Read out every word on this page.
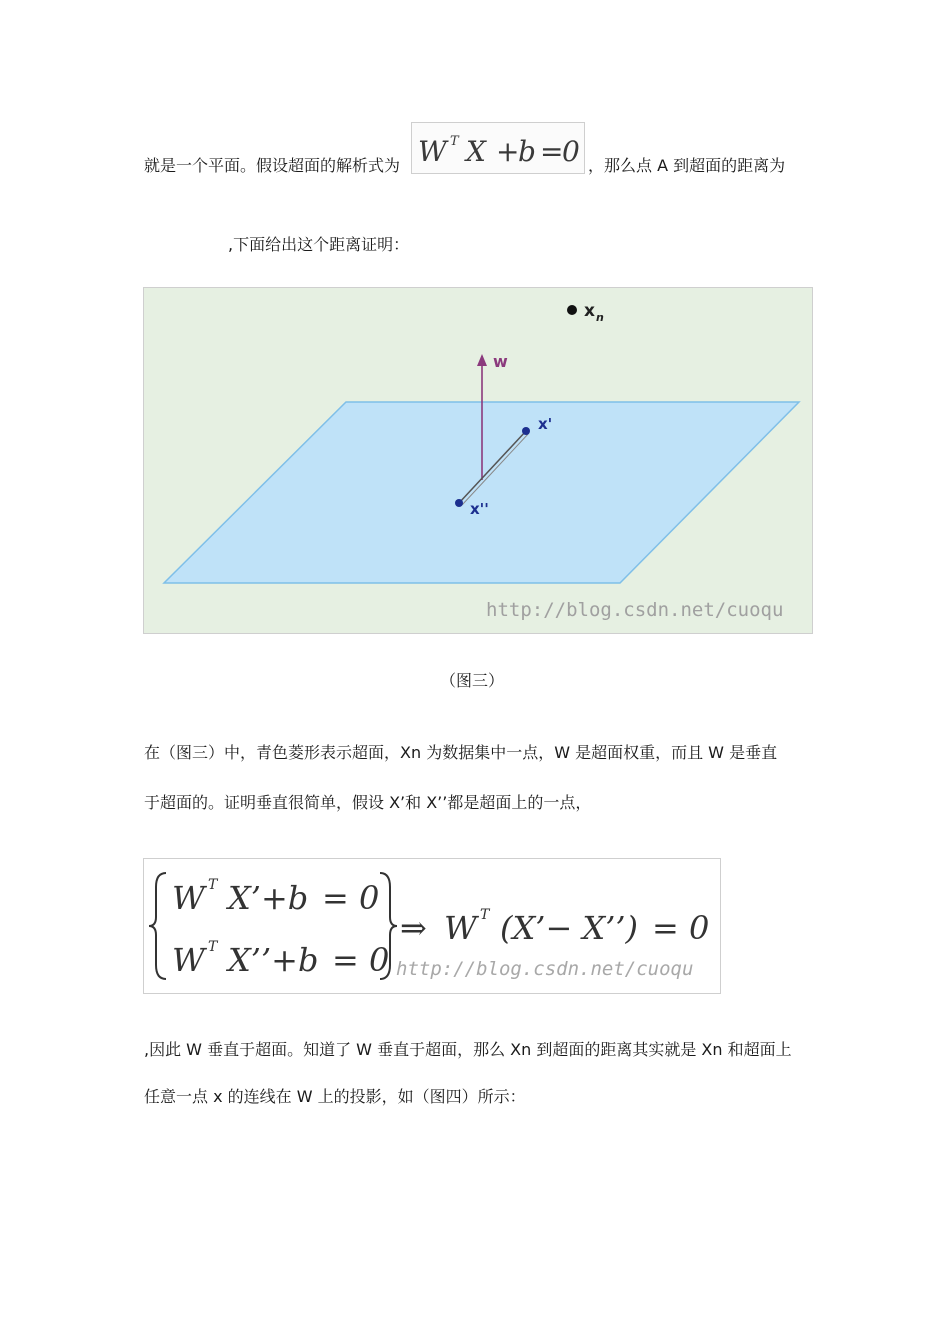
就是一个平面。假设超面的解析式为 W T X +
b =
0 ，那么点 A 到超面的距离为
,下面给出这个距离证明：
x n
w
x'
x''
http://blog.csdn.net/cuoqu
（图三）
在（图三）中，青色菱形表示超面，Xn 为数据集中一点，W 是超面权重，而且 W 是垂直
于超面的。证明垂直很简单，假设 X’和 X’’都是超面上的一点，
W T X’+b = 0
W T X’’+b = 0
⇒ W T (X’− X’’) = 0
http://blog.csdn.net/cuoqu
,因此 W 垂直于超面。知道了 W 垂直于超面，那么 Xn 到超面的距离其实就是 Xn 和超面上
任意一点 x 的连线在 W 上的投影，如（图四）所示：
